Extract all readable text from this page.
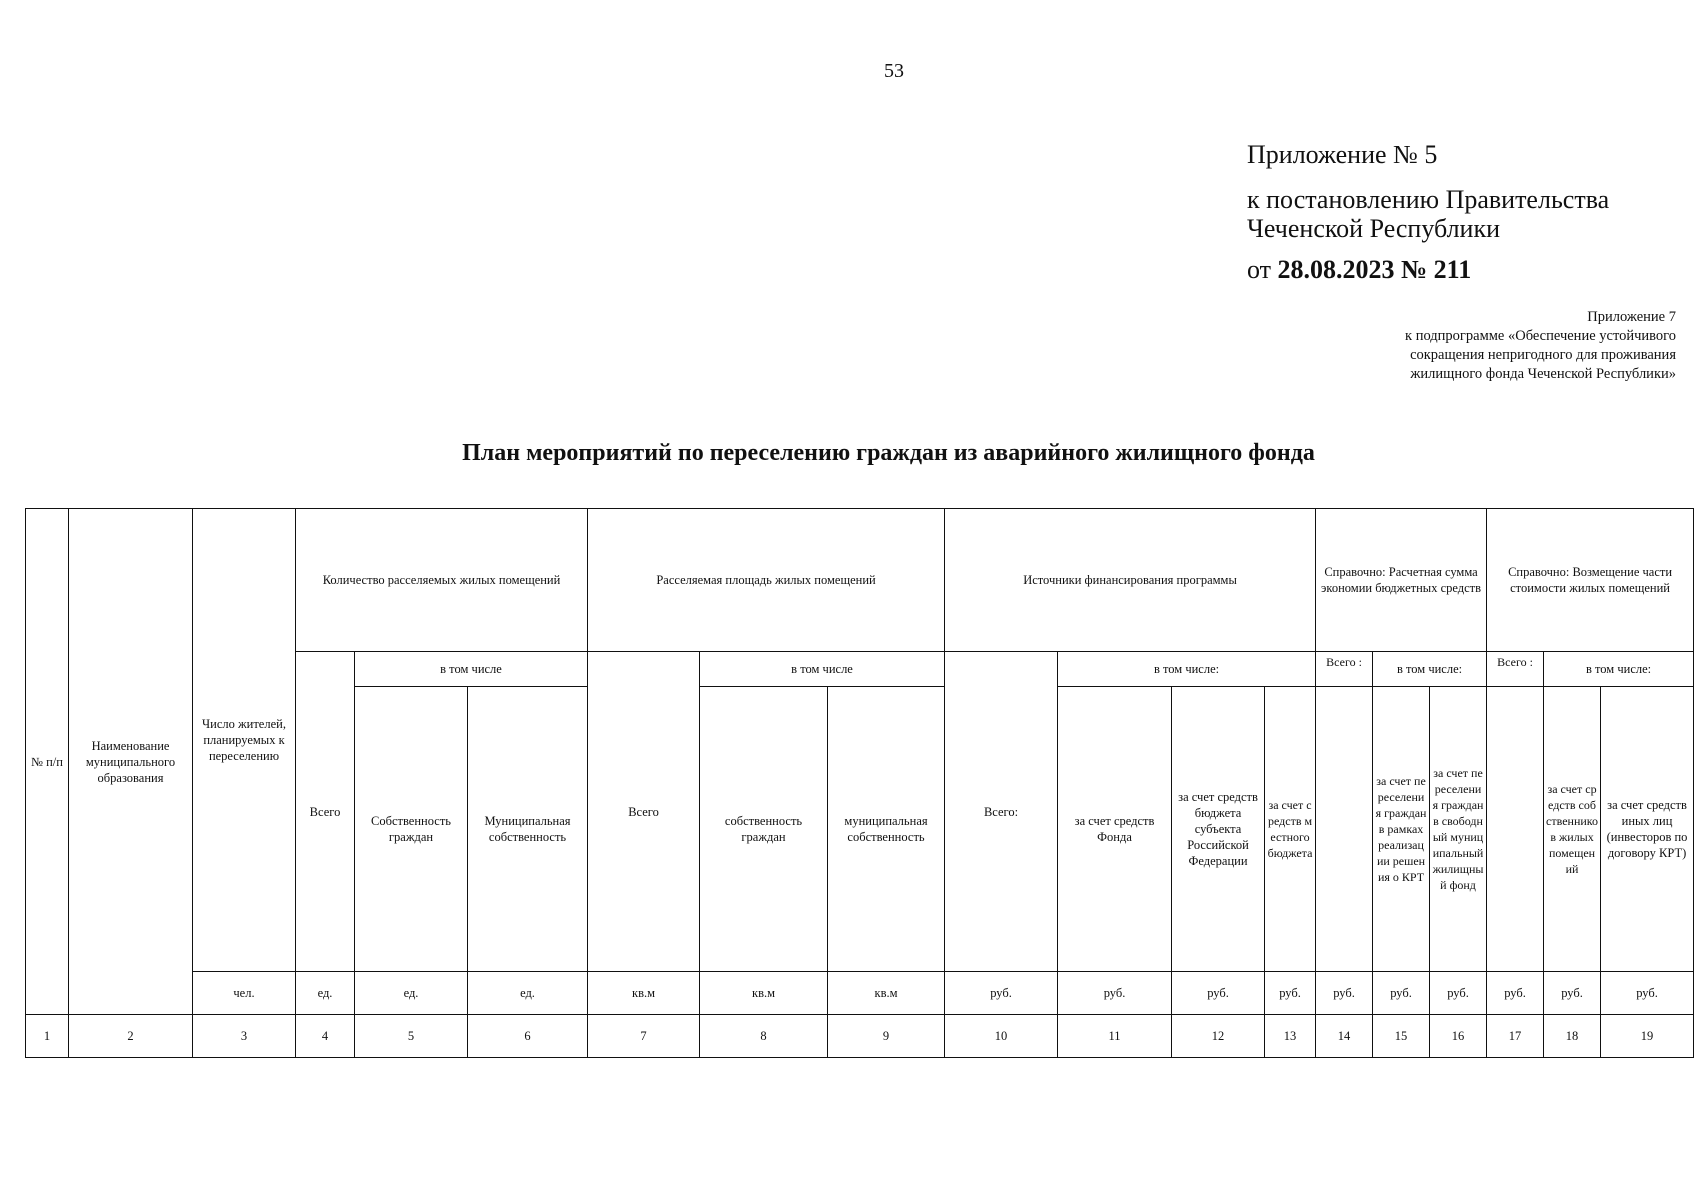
53
Приложение № 5
к постановлению Правительства
Чеченской Республики
от 28.08.2023 № 211
Приложение 7
к подпрограмме «Обеспечение устойчивого
сокращения непригодного для проживания
жилищного фонда Чеченской Республики»
План мероприятий по переселению граждан из аварийного жилищного фонда
№ п/п	Наименование муниципального образования	Число жителей, планируемых к переселению	Количество расселяемых жилых помещений			Расселяемая площадь жилых помещений			Источники финансирования программы				Справочно: Расчетная сумма экономии бюджетных средств			Справочно: Возмещение части стоимости жилых помещений		
			Всего	в том числе		Всего	в том числе		Всего:	в том числе:			Всего :	в том числе:		Всего :	в том числе:	
				Собственность граждан	Муниципальная собственность		собственность граждан	муниципальная собственность		за счет средств Фонда	за счет средств бюджета субъекта Российской Федерации	за счет средств местного бюджета		за счет переселения граждан в рамках реализации решения о КРТ	за счет переселения граждан в свободный муниципальный жилищный фонд		за счет средств собственников жилых помещений	за счет средств иных лиц (инвесторов по договору КРТ)
		чел.	ед.	ед.	ед.	кв.м	кв.м	кв.м	руб.	руб.	руб.	руб.	руб.	руб.	руб.	руб.	руб.	руб.
1	2	3	4	5	6	7	8	9	10	11	12	13	14	15	16	17	18	19
